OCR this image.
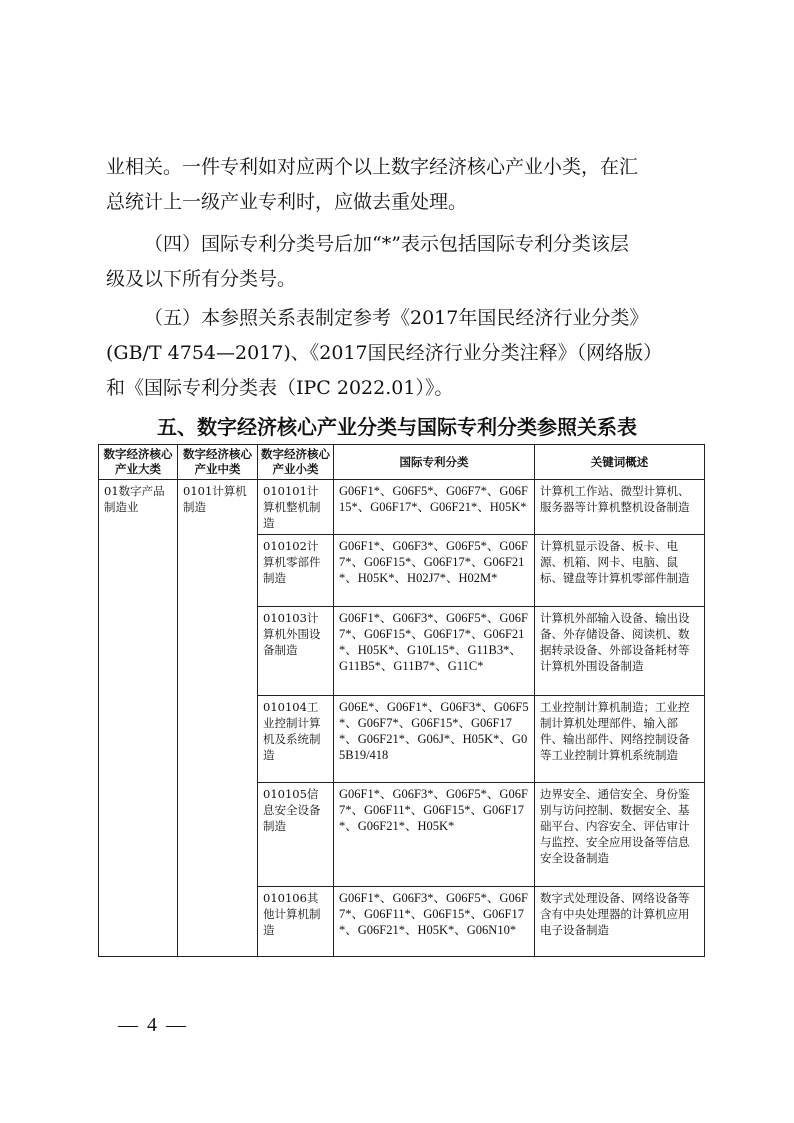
业相关。一件专利如对应两个以上数字经济核心产业小类，在汇
总统计上一级产业专利时，应做去重处理。
（四）国际专利分类号后加“*”表示包括国际专利分类该层
级及以下所有分类号。
（五）本参照关系表制定参考《2017年国民经济行业分类》
(GB/T 4754—2017)、《2017国民经济行业分类注释》（网络版）
和《国际专利分类表（IPC 2022.01）》。
五、数字经济核心产业分类与国际专利分类参照关系表
数字经济核心产业大类	数字经济核心产业中类	数字经济核心产业小类	国际专利分类	关键词概述
01数字产品制造业	0101计算机制造	010101计算机整机制造	G06F1*、G06F5*、G06F7*、G06F15*、G06F17*、G06F21*、H05K*	计算机工作站、微型计算机、服务器等计算机整机设备制造
		010102计算机零部件制造	G06F1*、G06F3*、G06F5*、G06F7*、G06F15*、G06F17*、G06F21*、H05K*、H02J7*、H02M*	计算机显示设备、板卡、电源、机箱、网卡、电脑、鼠标、键盘等计算机零部件制造
		010103计算机外围设备制造	G06F1*、G06F3*、G06F5*、G06F7*、G06F15*、G06F17*、G06F21*、H05K*、G10L15*、G11B3*、G11B5*、G11B7*、G11C*	计算机外部输入设备、输出设备、外存储设备、阅读机、数据转录设备、外部设备耗材等计算机外围设备制造
		010104工业控制计算机及系统制造	G06E*、G06F1*、G06F3*、G06F5*、G06F7*、G06F15*、G06F17*、G06F21*、G06J*、H05K*、G05B19/418	工业控制计算机制造；工业控制计算机处理部件、输入部件、输出部件、网络控制设备等工业控制计算机系统制造
		010105信息安全设备制造	G06F1*、G06F3*、G06F5*、G06F7*、G06F11*、G06F15*、G06F17*、G06F21*、H05K*	边界安全、通信安全、身份鉴别与访问控制、数据安全、基础平台、内容安全、评估审计与监控、安全应用设备等信息安全设备制造
		010106其他计算机制造	G06F1*、G06F3*、G06F5*、G06F7*、G06F11*、G06F15*、G06F17*、G06F21*、H05K*、G06N10*	数字式处理设备、网络设备等含有中央处理器的计算机应用电子设备制造
— 4 —
